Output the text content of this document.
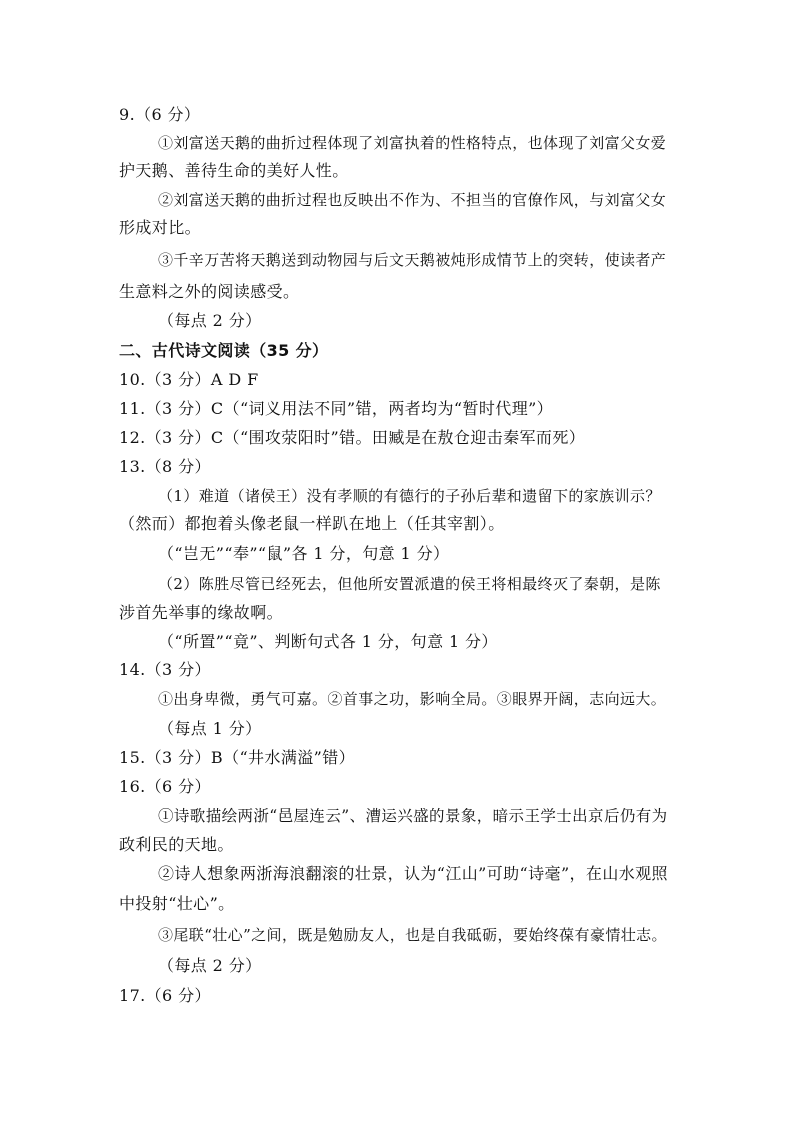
9.（6 分）
①刘富送天鹅的曲折过程体现了刘富执着的性格特点，也体现了刘富父女爱
护天鹅、善待生命的美好人性。
②刘富送天鹅的曲折过程也反映出不作为、不担当的官僚作风，与刘富父女
形成对比。
③千辛万苦将天鹅送到动物园与后文天鹅被炖形成情节上的突转，使读者产
生意料之外的阅读感受。
（每点 2 分）
二、古代诗文阅读（35 分）
10.（3 分）A D F
11.（3 分）C（“词义用法不同”错，两者均为“暂时代理”）
12.（3 分）C（“围攻荥阳时”错。田臧是在敖仓迎击秦军而死）
13.（8 分）
（1）难道（诸侯王）没有孝顺的有德行的子孙后辈和遗留下的家族训示？
（然而）都抱着头像老鼠一样趴在地上（任其宰割）。
（“岂无”“奉”“鼠”各 1 分，句意 1 分）
（2）陈胜尽管已经死去，但他所安置派遣的侯王将相最终灭了秦朝，是陈
涉首先举事的缘故啊。
（“所置”“竟”、判断句式各 1 分，句意 1 分）
14.（3 分）
①出身卑微，勇气可嘉。②首事之功，影响全局。③眼界开阔，志向远大。
（每点 1 分）
15.（3 分）B（“井水满溢”错）
16.（6 分）
①诗歌描绘两浙“邑屋连云”、漕运兴盛的景象，暗示王学士出京后仍有为
政利民的天地。
②诗人想象两浙海浪翻滚的壮景，认为“江山”可助“诗毫”，在山水观照
中投射“壮心”。
③尾联“壮心”之间，既是勉励友人，也是自我砥砺，要始终葆有豪情壮志。
（每点 2 分）
17.（6 分）
